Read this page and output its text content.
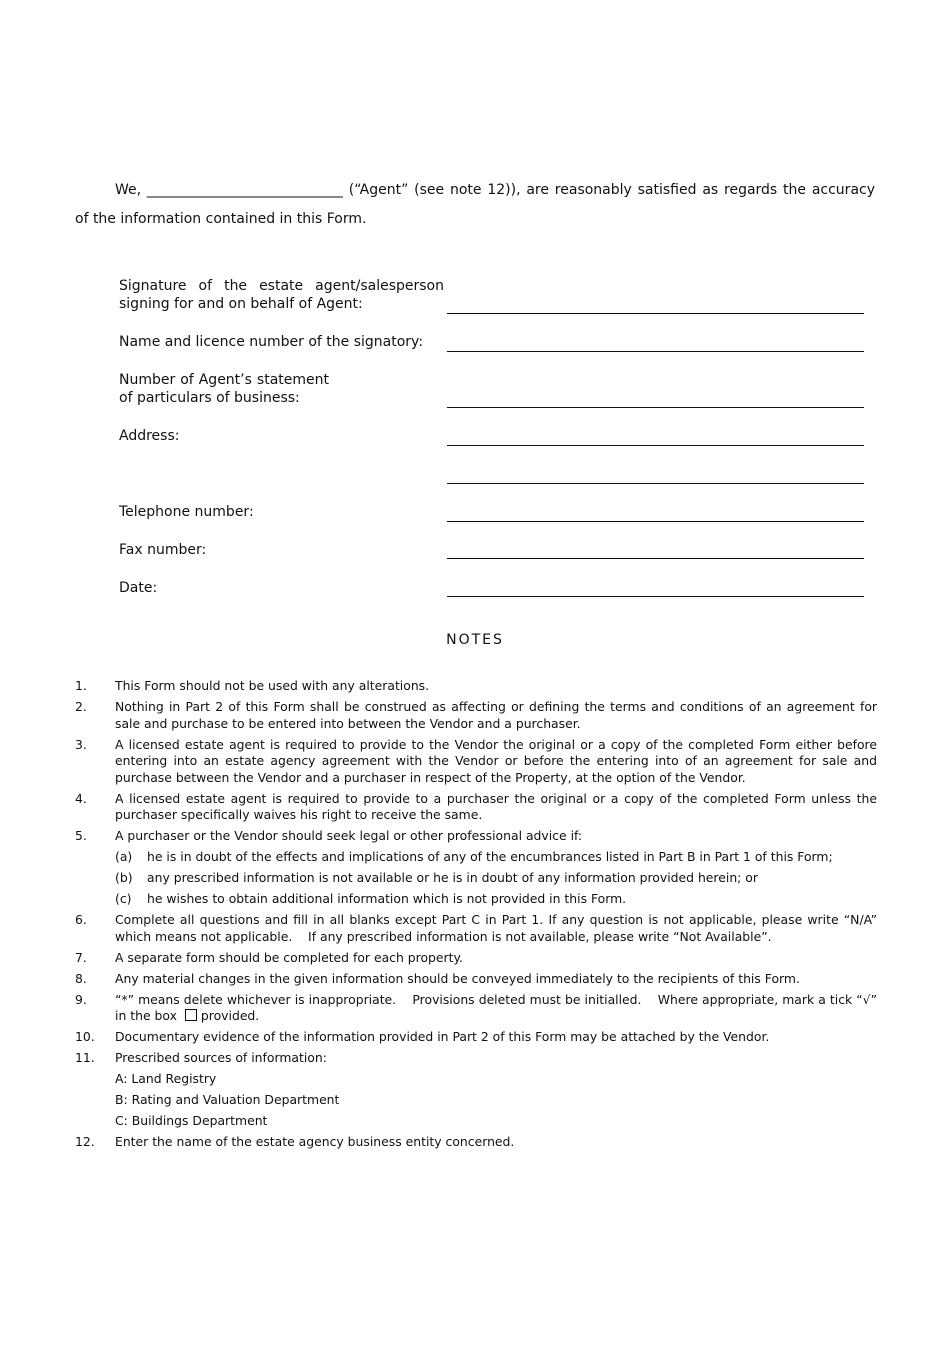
We, ____________________________ (“Agent” (see note 12)), are reasonably satisfied as regards the accuracy of the information contained in this Form.
Signature of the estate agent/salesperson signing for and on behalf of Agent:
Name and licence number of the signatory:
Number of Agent’s statement of particulars of business:
Address:
Telephone number:
Fax number:
Date:
NOTES
1. This Form should not be used with any alterations.
2. Nothing in Part 2 of this Form shall be construed as affecting or defining the terms and conditions of an agreement for sale and purchase to be entered into between the Vendor and a purchaser.
3. A licensed estate agent is required to provide to the Vendor the original or a copy of the completed Form either before entering into an estate agency agreement with the Vendor or before the entering into of an agreement for sale and purchase between the Vendor and a purchaser in respect of the Property, at the option of the Vendor.
4. A licensed estate agent is required to provide to a purchaser the original or a copy of the completed Form unless the purchaser specifically waives his right to receive the same.
5. A purchaser or the Vendor should seek legal or other professional advice if:
(a) he is in doubt of the effects and implications of any of the encumbrances listed in Part B in Part 1 of this Form;
(b) any prescribed information is not available or he is in doubt of any information provided herein; or
(c) he wishes to obtain additional information which is not provided in this Form.
6. Complete all questions and fill in all blanks except Part C in Part 1. If any question is not applicable, please write “N/A” which means not applicable.    If any prescribed information is not available, please write “Not Available”.
7. A separate form should be completed for each property.
8. Any material changes in the given information should be conveyed immediately to the recipients of this Form.
9. “*” means delete whichever is inappropriate.    Provisions deleted must be initialled.    Where appropriate, mark a tick “√” in the box provided.
10. Documentary evidence of the information provided in Part 2 of this Form may be attached by the Vendor.
11. Prescribed sources of information:
A: Land Registry
B: Rating and Valuation Department
C: Buildings Department
12. Enter the name of the estate agency business entity concerned.
